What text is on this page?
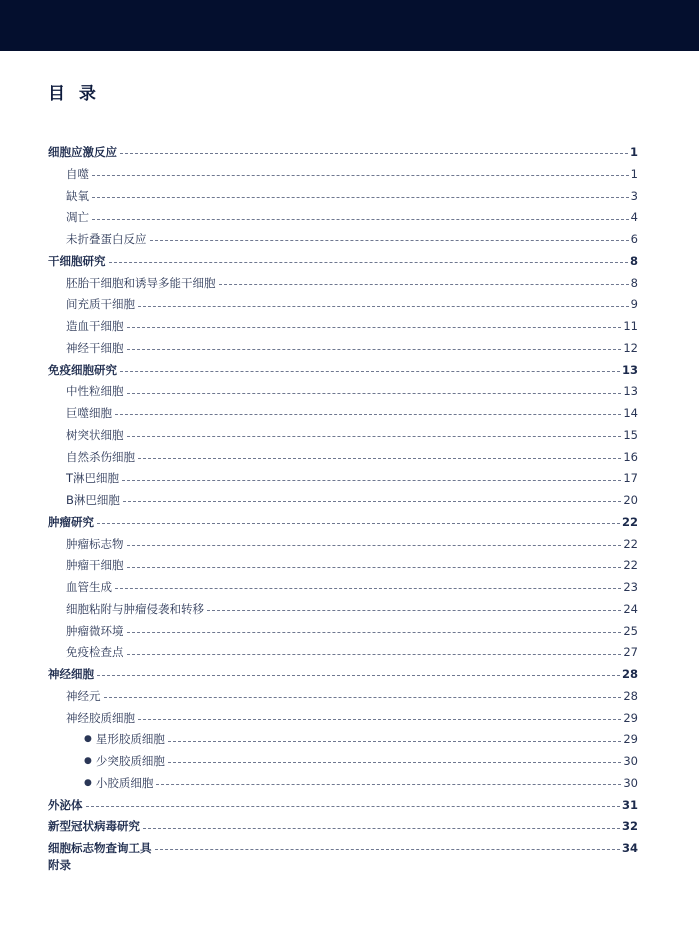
目 录
细胞应激反应	1
自噬	1
缺氧	3
凋亡	4
未折叠蛋白反应	6
干细胞研究	8
胚胎干细胞和诱导多能干细胞	8
间充质干细胞	9
造血干细胞	11
神经干细胞	12
免疫细胞研究	13
中性粒细胞	13
巨噬细胞	14
树突状细胞	15
自然杀伤细胞	16
T淋巴细胞	17
B淋巴细胞	20
肿瘤研究	22
肿瘤标志物	22
肿瘤干细胞	22
血管生成	23
细胞粘附与肿瘤侵袭和转移	24
肿瘤微环境	25
免疫检查点	27
神经细胞	28
神经元	28
神经胶质细胞	29
● 星形胶质细胞	29
● 少突胶质细胞	30
● 小胶质细胞	30
外泌体	31
新型冠状病毒研究	32
细胞标志物查询工具	34
附录
